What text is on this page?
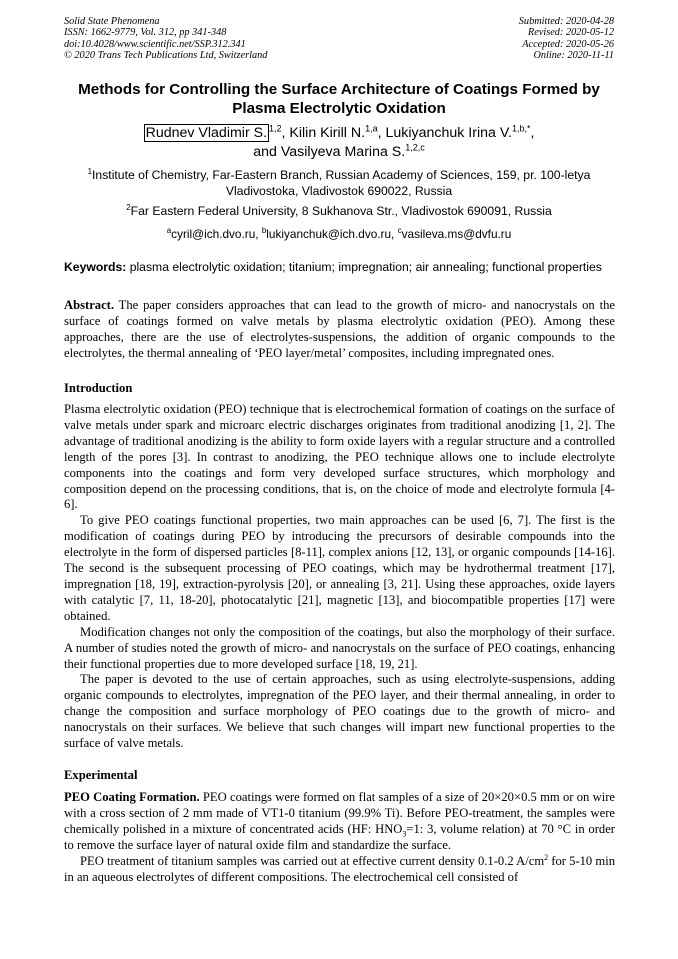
Solid State Phenomena
ISSN: 1662-9779, Vol. 312, pp 341-348
doi:10.4028/www.scientific.net/SSP.312.341
© 2020 Trans Tech Publications Ltd, Switzerland
Submitted: 2020-04-28
Revised: 2020-05-12
Accepted: 2020-05-26
Online: 2020-11-11
Methods for Controlling the Surface Architecture of Coatings Formed by Plasma Electrolytic Oxidation
Rudnev Vladimir S. $^{1,2}$, Kilin Kirill N.$^{1,a}$, Lukiyanchuk Irina V.$^{1,b,*}$,
and Vasilyeva Marina S.$^{1,2,c}$
$^1$Institute of Chemistry, Far-Eastern Branch, Russian Academy of Sciences, 159, pr. 100-letya Vladivostoka, Vladivostok 690022, Russia
$^2$Far Eastern Federal University, 8 Sukhanova Str., Vladivostok 690091, Russia
$^a$cyril@ich.dvo.ru, $^b$lukiyanchuk@ich.dvo.ru, $^c$vasileva.ms@dvfu.ru
Keywords: plasma electrolytic oxidation; titanium; impregnation; air annealing; functional properties
Abstract. The paper considers approaches that can lead to the growth of micro- and nanocrystals on the surface of coatings formed on valve metals by plasma electrolytic oxidation (PEO). Among these approaches, there are the use of electrolytes-suspensions, the addition of organic compounds to the electrolytes, the thermal annealing of ‘PEO layer/metal’ composites, including impregnated ones.
Introduction
Plasma electrolytic oxidation (PEO) technique that is electrochemical formation of coatings on the surface of valve metals under spark and microarc electric discharges originates from traditional anodizing [1, 2]. The advantage of traditional anodizing is the ability to form oxide layers with a regular structure and a controlled length of the pores [3]. In contrast to anodizing, the PEO technique allows one to include electrolyte components into the coatings and form very developed surface structures, which morphology and composition depend on the processing conditions, that is, on the choice of mode and electrolyte formula [4-6].
To give PEO coatings functional properties, two main approaches can be used [6, 7]. The first is the modification of coatings during PEO by introducing the precursors of desirable compounds into the electrolyte in the form of dispersed particles [8-11], complex anions [12, 13], or organic compounds [14-16]. The second is the subsequent processing of PEO coatings, which may be hydrothermal treatment [17], impregnation [18, 19], extraction-pyrolysis [20], or annealing [3, 21]. Using these approaches, oxide layers with catalytic [7, 11, 18-20], photocatalytic [21], magnetic [13], and biocompatible properties [17] were obtained.
Modification changes not only the composition of the coatings, but also the morphology of their surface. A number of studies noted the growth of micro- and nanocrystals on the surface of PEO coatings, enhancing their functional properties due to more developed surface [18, 19, 21].
The paper is devoted to the use of certain approaches, such as using electrolyte-suspensions, adding organic compounds to electrolytes, impregnation of the PEO layer, and their thermal annealing, in order to change the composition and surface morphology of PEO coatings due to the growth of micro- and nanocrystals on their surfaces. We believe that such changes will impart new functional properties to the surface of valve metals.
Experimental
PEO Coating Formation. PEO coatings were formed on flat samples of a size of 20×20×0.5 mm or on wire with a cross section of 2 mm made of VT1-0 titanium (99.9% Ti). Before PEO-treatment, the samples were chemically polished in a mixture of concentrated acids (HF: $HNO_3=1$: 3, volume relation) at 70 °C in order to remove the surface layer of natural oxide film and standardize the surface.
PEO treatment of titanium samples was carried out at effective current density 0.1-0.2 $A/cm^2$ for 5-10 min in an aqueous electrolytes of different compositions. The electrochemical cell consisted of
